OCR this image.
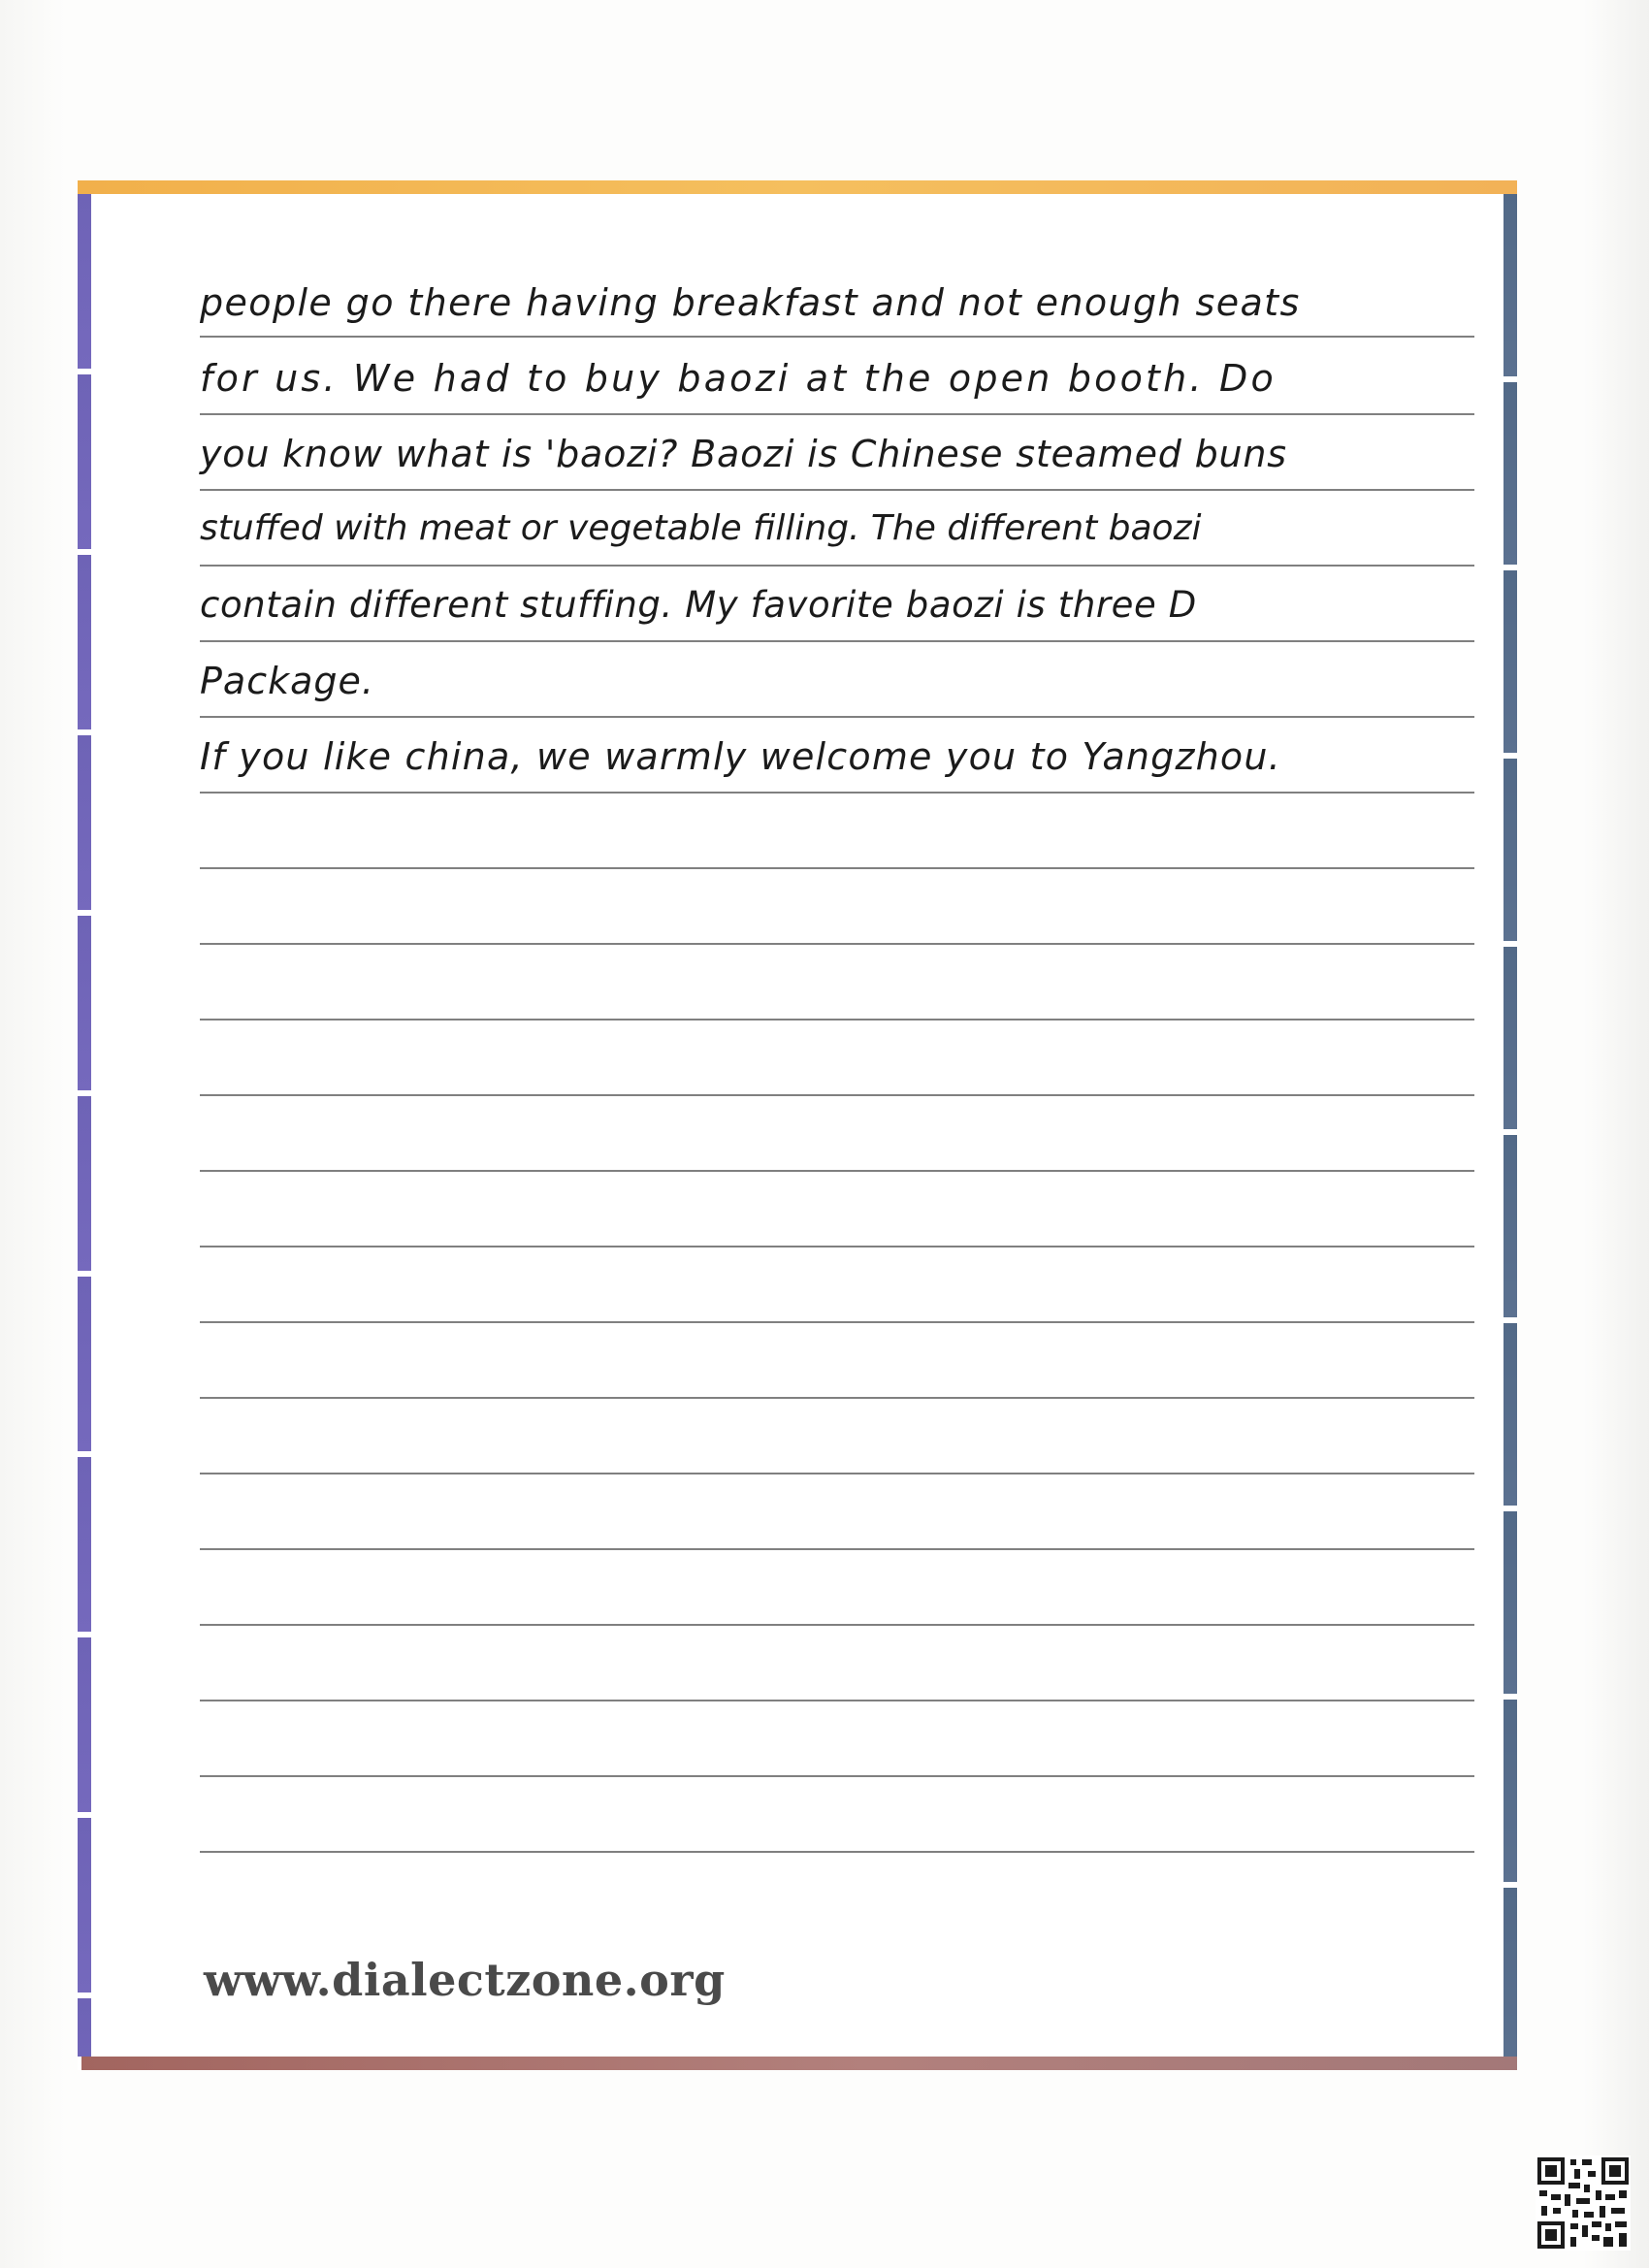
people go there having breakfast and not enough seats
for us. We had to buy baozi at the open booth. Do
you know what is 'baozi? Baozi is Chinese steamed buns
stuffed with meat or vegetable filling. The different baozi
contain different stuffing. My favorite baozi is three D
Package.
If you like china, we warmly welcome you to Yangzhou.
www.dialectzone.org
